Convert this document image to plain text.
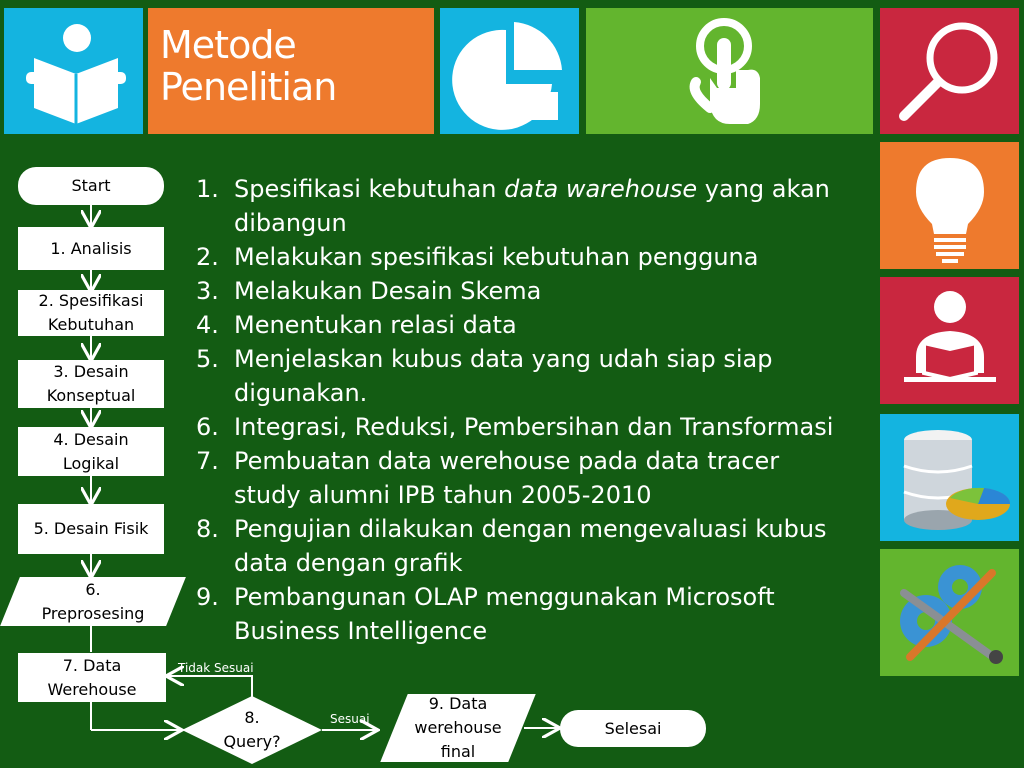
Metode
Penelitian
Start
1. Analisis
2. Spesifikasi
Kebutuhan
3. Desain
Konseptual
4. Desain
Logikal
5. Desain Fisik
6.
Preprosesing
7. Data
Werehouse
Tidak Sesuai
Sesuai
8.
Query?
9. Data
werehouse
final
Selesai
1. Spesifikasi kebutuhan data warehouse yang akan dibangun
2. Melakukan spesifikasi kebutuhan pengguna
3. Melakukan Desain Skema
4. Menentukan relasi data
5. Menjelaskan kubus data yang udah siap siap digunakan.
6. Integrasi, Reduksi, Pembersihan dan Transformasi
7. Pembuatan data werehouse pada data tracer study alumni IPB tahun 2005-2010
8. Pengujian dilakukan dengan mengevaluasi kubus data dengan grafik
9. Pembangunan OLAP menggunakan Microsoft Business Intelligence
